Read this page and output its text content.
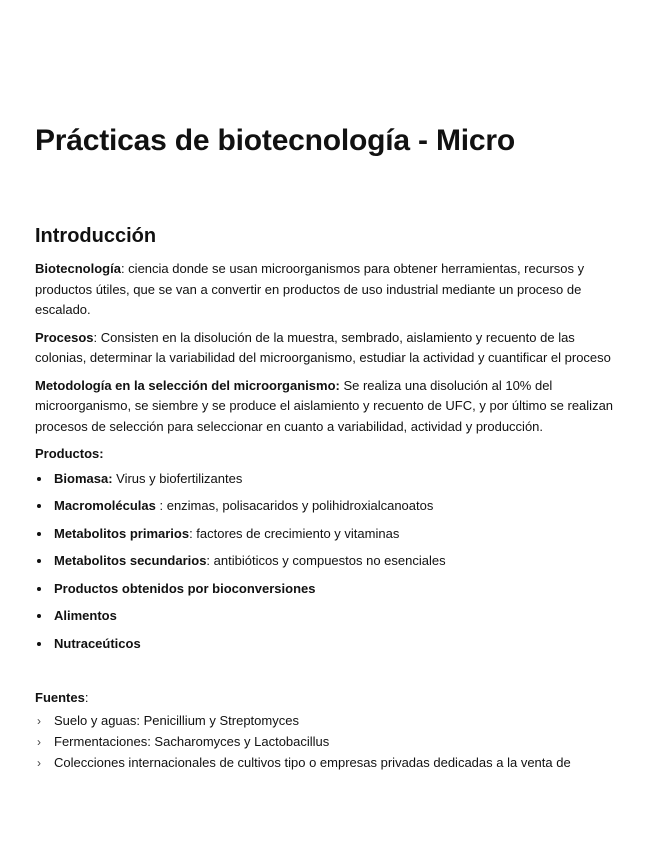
Prácticas de biotecnología - Micro
Introducción

Biotecnología: ciencia donde se usan microorganismos para obtener herramientas, recursos y productos útiles, que se van a convertir en productos de uso industrial mediante un proceso de escalado.

Procesos: Consisten en la disolución de la muestra, sembrado, aislamiento y recuento de las colonias, determinar la variabilidad del microorganismo, estudiar la actividad y cuantificar el proceso

Metodología en la selección del microorganismo: Se realiza una disolución al 10% del microorganismo, se siembre y se produce el aislamiento y recuento de UFC, y por último se realizan procesos de selección para seleccionar en cuanto a variabilidad, actividad y producción.

Productos:

Biomasa: Virus y biofertilizantes
Macromoléculas : enzimas, polisacaridos y polihidroxialcanoatos
Metabolitos primarios: factores de crecimiento y vitaminas
Metabolitos secundarios: antibióticos y compuestos no esenciales
Productos obtenidos por bioconversiones
Alimentos
Nutraceúticos

Fuentes:

› Suelo y aguas: Penicillium y Streptomyces
› Fermentaciones: Sacharomyces y Lactobacillus
› Colecciones internacionales de cultivos tipo o empresas privadas dedicadas a la venta de
